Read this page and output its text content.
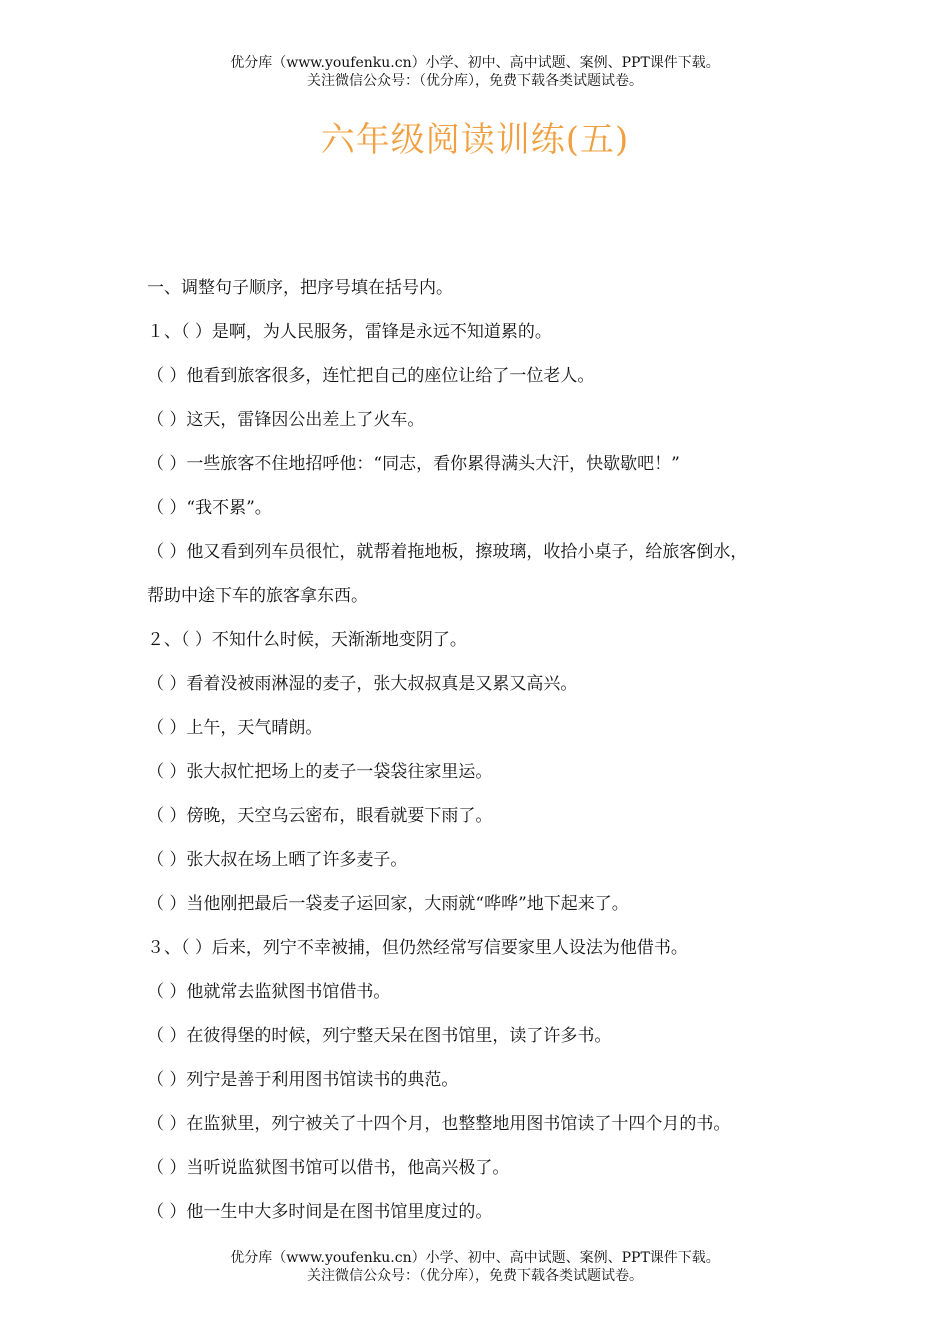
优分库（www.youfenku.cn）小学、初中、高中试题、案例、PPT课件下载。
关注微信公众号：（优分库），免费下载各类试题试卷。
六年级阅读训练(五)
一、调整句子顺序，把序号填在括号内。
１、（ ）是啊，为人民服务，雷锋是永远不知道累的。
（ ）他看到旅客很多，连忙把自己的座位让给了一位老人。
（ ）这天，雷锋因公出差上了火车。
（ ）一些旅客不住地招呼他：“同志，看你累得满头大汗，快歇歇吧！”
（ ）“我不累”。
（ ）他又看到列车员很忙，就帮着拖地板，擦玻璃，收拾小桌子，给旅客倒水，
帮助中途下车的旅客拿东西。
２、（ ）不知什么时候，天渐渐地变阴了。
（ ）看着没被雨淋湿的麦子，张大叔叔真是又累又高兴。
（ ）上午，天气晴朗。
（ ）张大叔忙把场上的麦子一袋袋往家里运。
（ ）傍晚，天空乌云密布，眼看就要下雨了。
（ ）张大叔在场上晒了许多麦子。
（ ）当他刚把最后一袋麦子运回家，大雨就“哗哗”地下起来了。
３、（ ）后来，列宁不幸被捕，但仍然经常写信要家里人设法为他借书。
（ ）他就常去监狱图书馆借书。
（ ）在彼得堡的时候，列宁整天呆在图书馆里，读了许多书。
（ ）列宁是善于利用图书馆读书的典范。
（ ）在监狱里，列宁被关了十四个月，也整整地用图书馆读了十四个月的书。
（ ）当听说监狱图书馆可以借书，他高兴极了。
（ ）他一生中大多时间是在图书馆里度过的。
优分库（www.youfenku.cn）小学、初中、高中试题、案例、PPT课件下载。
关注微信公众号：（优分库），免费下载各类试题试卷。
